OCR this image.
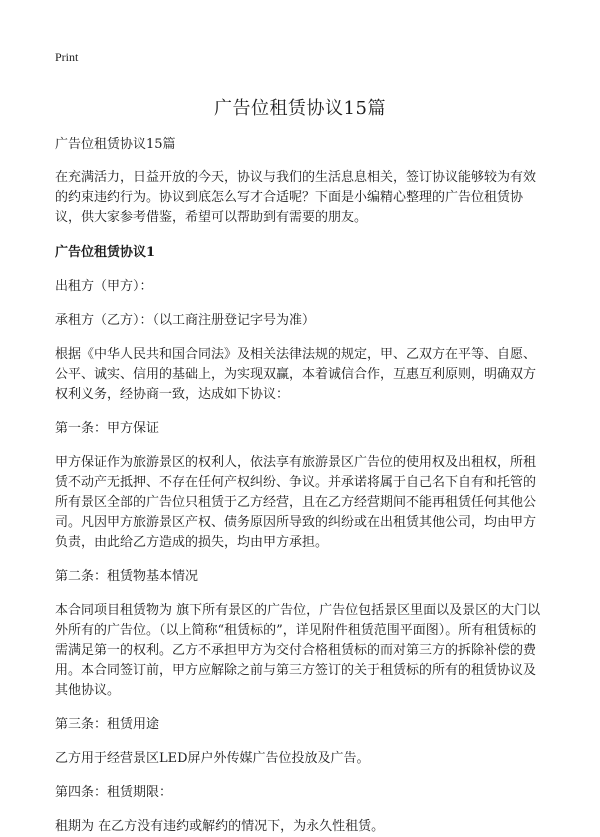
Print
广告位租赁协议15篇
广告位租赁协议15篇

在充满活力，日益开放的今天，协议与我们的生活息息相关，签订协议能够较为有效的约束违约行为。协议到底怎么写才合适呢？下面是小编精心整理的广告位租赁协议，供大家参考借鉴，希望可以帮助到有需要的朋友。

广告位租赁协议1

出租方（甲方）：

承租方（乙方）：（以工商注册登记字号为准）

根据《中华人民共和国合同法》及相关法律法规的规定，甲、乙双方在平等、自愿、公平、诚实、信用的基础上，为实现双赢，本着诚信合作，互惠互利原则，明确双方权利义务，经协商一致，达成如下协议：

第一条：甲方保证

甲方保证作为旅游景区的权利人，依法享有旅游景区广告位的使用权及出租权，所租赁不动产无抵押、不存在任何产权纠纷、争议。并承诺将属于自己名下自有和托管的所有景区全部的广告位只租赁于乙方经营，且在乙方经营期间不能再租赁任何其他公司。凡因甲方旅游景区产权、债务原因所导致的纠纷或在出租赁其他公司，均由甲方负责，由此给乙方造成的损失，均由甲方承担。

第二条：租赁物基本情况

本合同项目租赁物为 旗下所有景区的广告位，广告位包括景区里面以及景区的大门以外所有的广告位。（以上简称“租赁标的”，详见附件租赁范围平面图）。所有租赁标的需满足第一的权利。乙方不承担甲方为交付合格租赁标的而对第三方的拆除补偿的费用。本合同签订前，甲方应解除之前与第三方签订的关于租赁标的所有的租赁协议及其他协议。

第三条：租赁用途

乙方用于经营景区LED屏户外传媒广告位投放及广告。

第四条：租赁期限：

租期为 在乙方没有违约或解约的情况下，为永久性租赁。
